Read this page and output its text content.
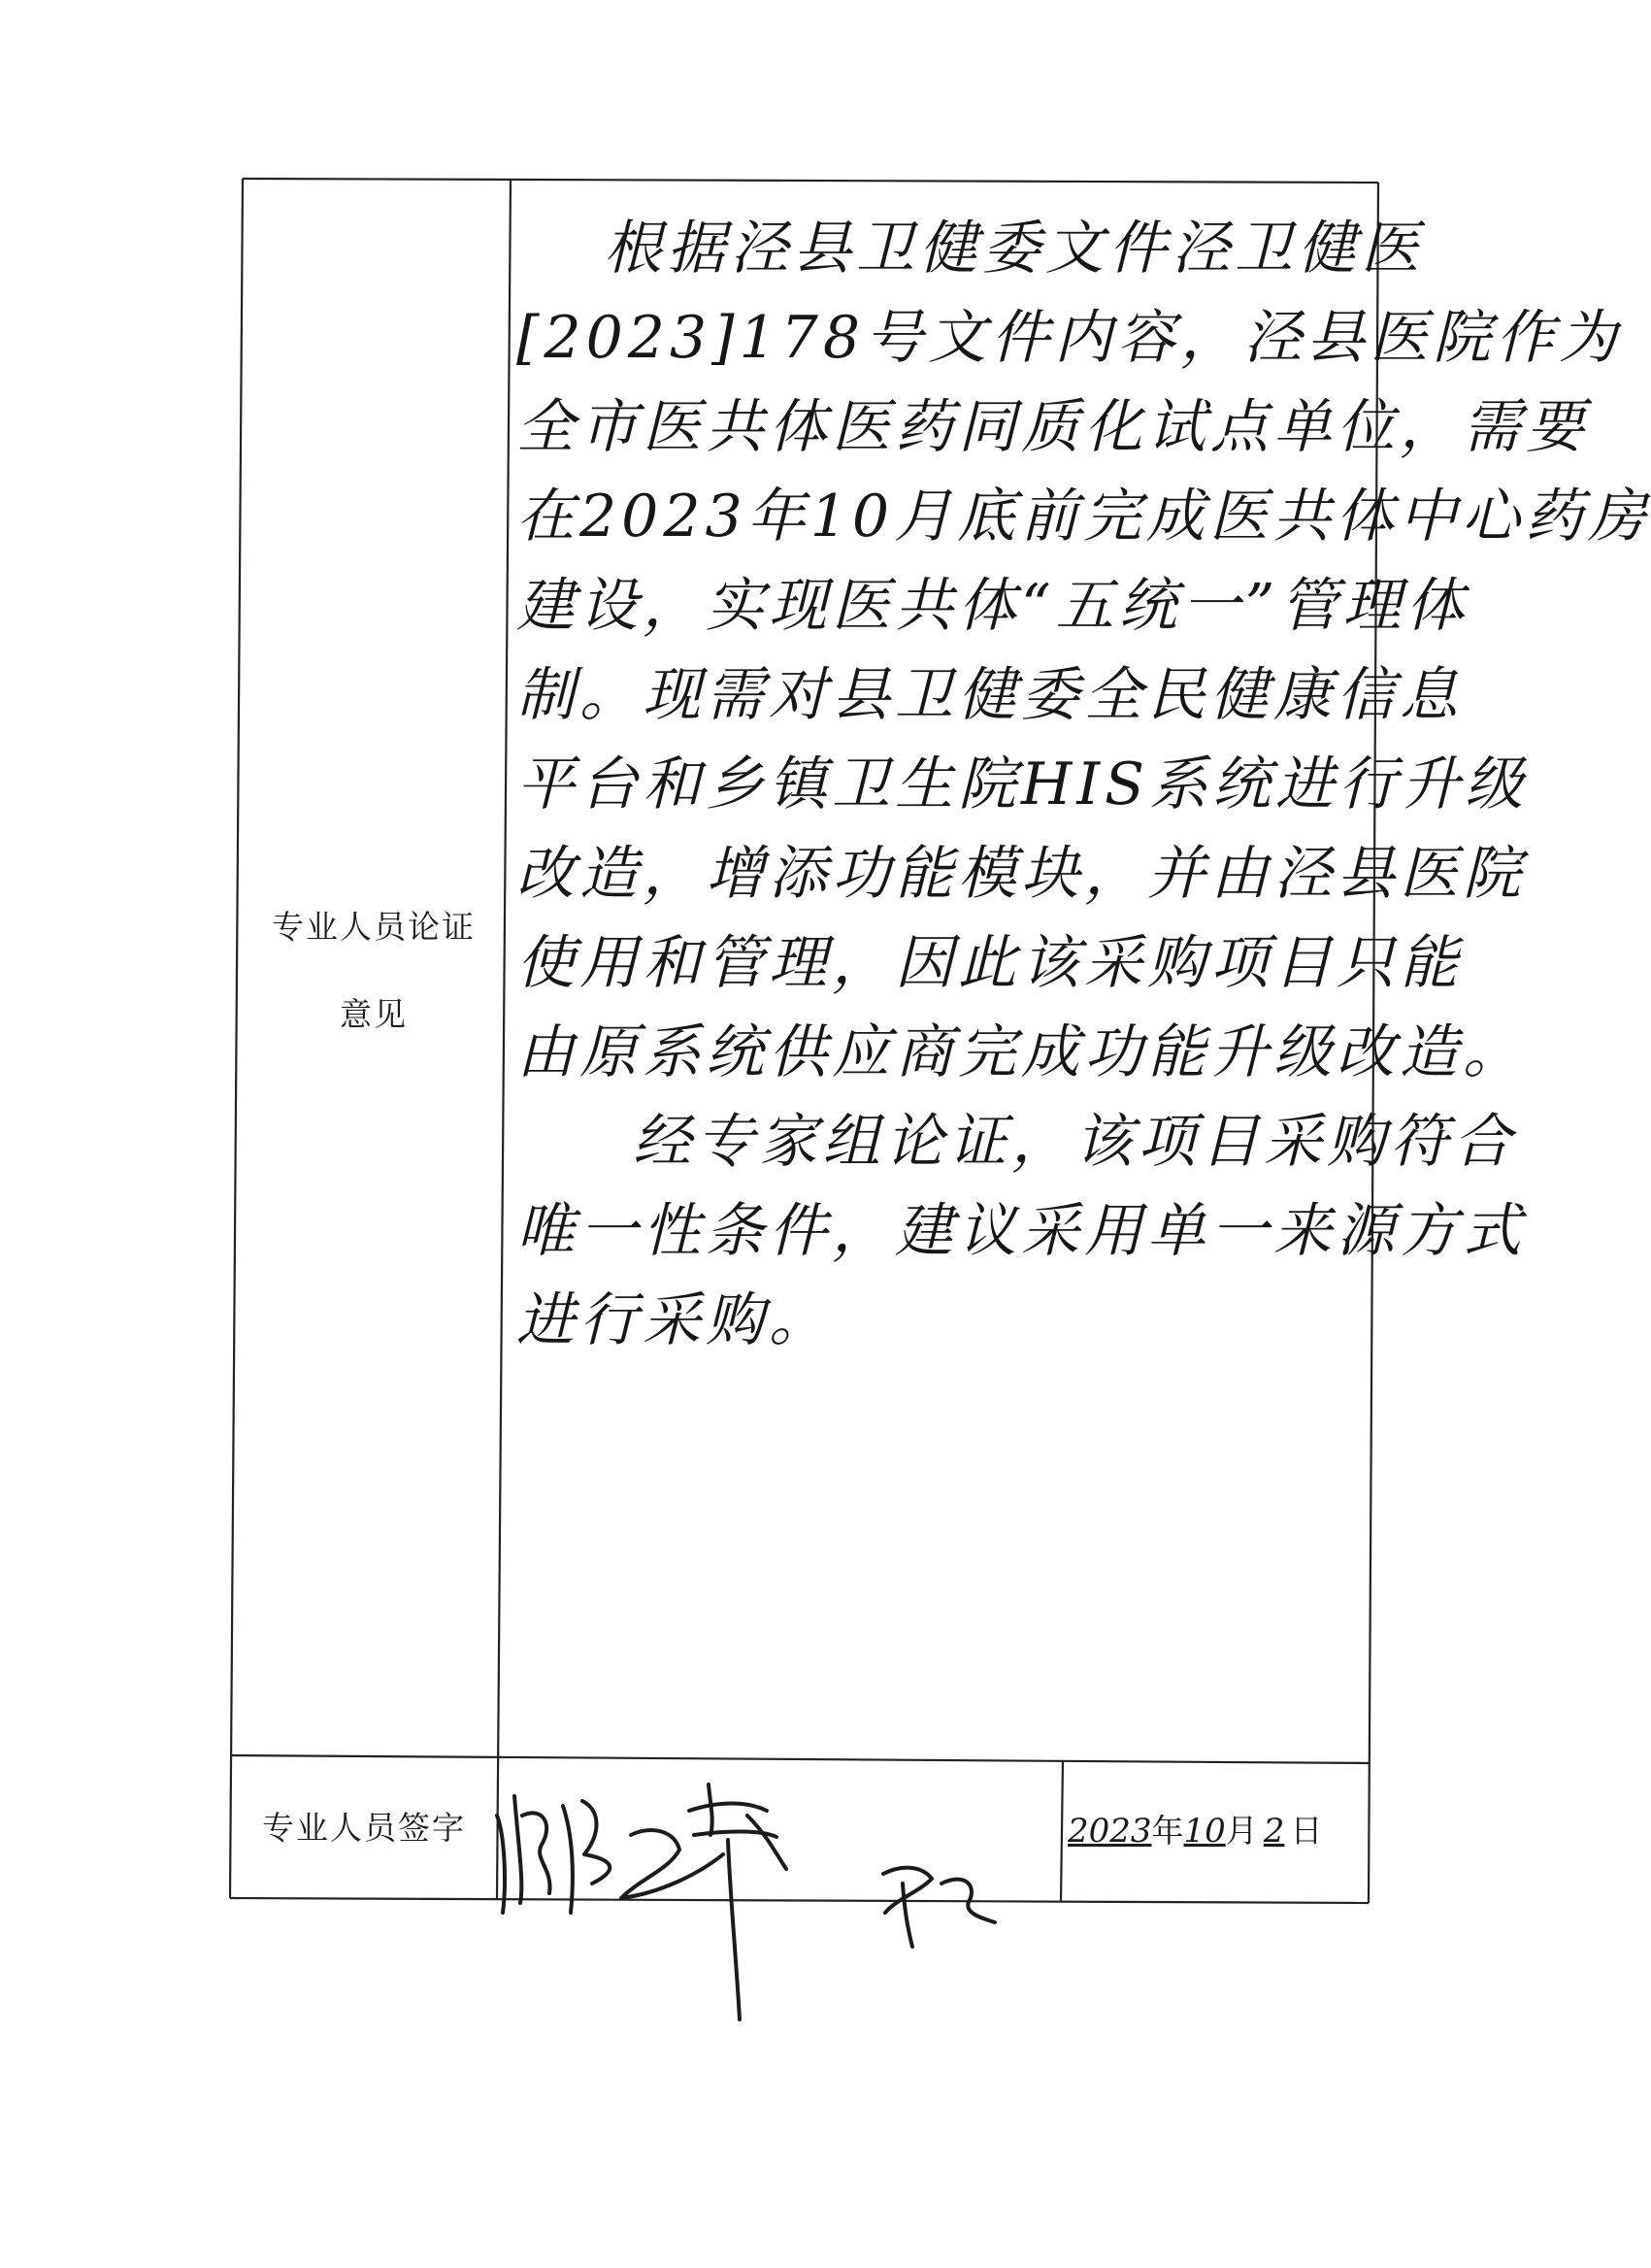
专业人员论证
意见
根据泾县卫健委文件泾卫健医
[2023]178号文件内容，泾县医院作为
全市医共体医药同质化试点单位，需要
在2023年10月底前完成医共体中心药房
建设，实现医共体“五统一”管理体
制。现需对县卫健委全民健康信息
平台和乡镇卫生院HIS系统进行升级
改造，增添功能模块，并由泾县医院
使用和管理，因此该采购项目只能
由原系统供应商完成功能升级改造。
经专家组论证，该项目采购符合
唯一性条件，建议采用单一来源方式
进行采购。
专业人员签字	2023年10月 2 日
